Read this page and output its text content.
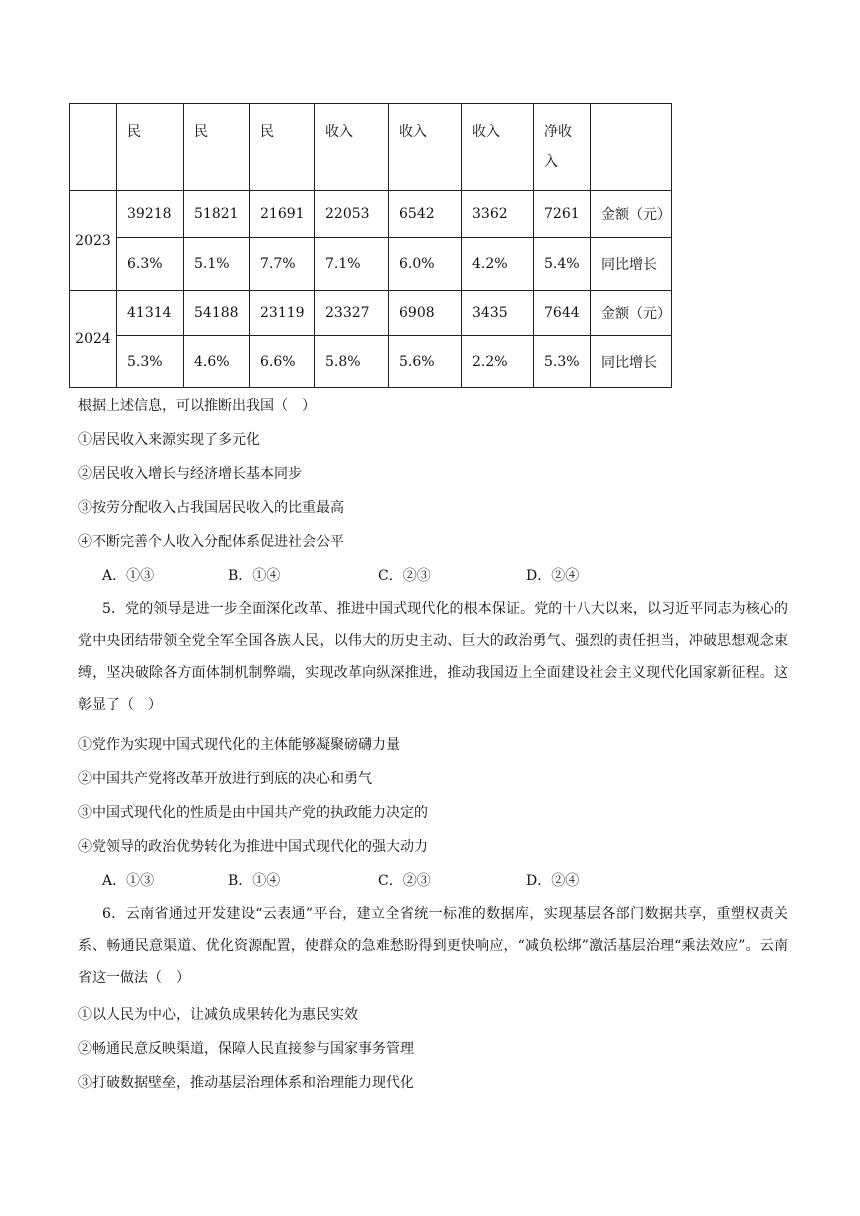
	民	民	民	收入	收入	收入	净收入	

2023	39218	51821	21691	22053	6542	3362	7261	金额（元）
	6.3%	5.1%	7.7%	7.1%	6.0%	4.2%	5.4%	同比增长
2024	41314	54188	23119	23327	6908	3435	7644	金额（元）
	5.3%	4.6%	6.6%	5.8%	5.6%	2.2%	5.3%	同比增长
根据上述信息，可以推断出我国（　）
①居民收入来源实现了多元化
②居民收入增长与经济增长基本同步
③按劳分配收入占我国居民收入的比重最高
④不断完善个人收入分配体系促进社会公平
A．①③	B．①④	C．②③	D．②④
5．党的领导是进一步全面深化改革、推进中国式现代化的根本保证。党的十八大以来，以习近平同志为核心的党中央团结带领全党全军全国各族人民，以伟大的历史主动、巨大的政治勇气、强烈的责任担当，冲破思想观念束缚，坚决破除各方面体制机制弊端，实现改革向纵深推进，推动我国迈上全面建设社会主义现代化国家新征程。这彰显了（　）
①党作为实现中国式现代化的主体能够凝聚磅礴力量
②中国共产党将改革开放进行到底的决心和勇气
③中国式现代化的性质是由中国共产党的执政能力决定的
④党领导的政治优势转化为推进中国式现代化的强大动力
A．①③	B．①④	C．②③	D．②④
6．云南省通过开发建设“云表通”平台，建立全省统一标准的数据库，实现基层各部门数据共享，重塑权责关系、畅通民意渠道、优化资源配置，使群众的急难愁盼得到更快响应，“减负松绑”激活基层治理“乘法效应”。云南省这一做法（　）
①以人民为中心，让减负成果转化为惠民实效
②畅通民意反映渠道，保障人民直接参与国家事务管理
③打破数据壁垒，推动基层治理体系和治理能力现代化
